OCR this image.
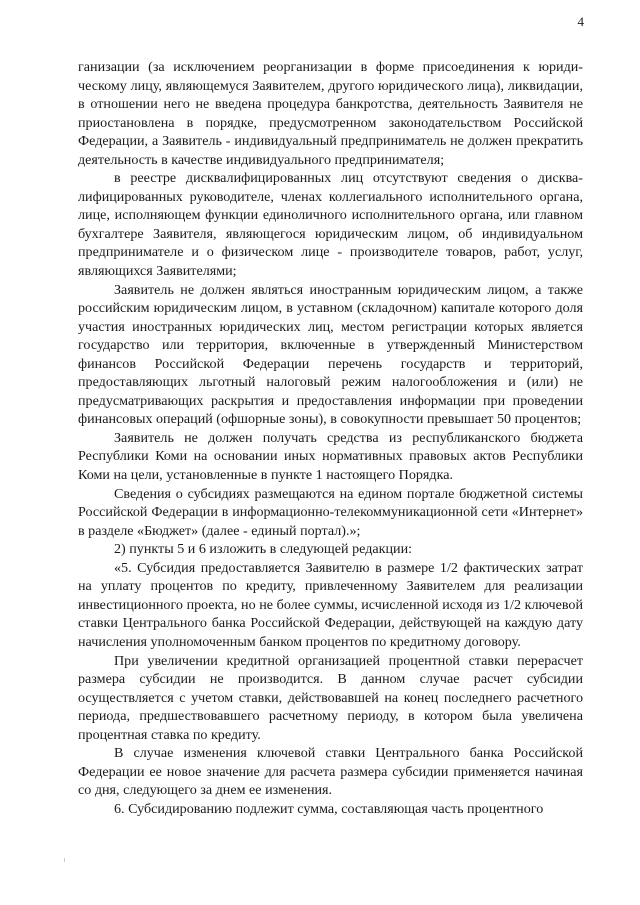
4

ганизации (за исключением реорганизации в форме присоединения к юридическому лицу, являющемуся Заявителем, другого юридического лица), ликвидации, в отношении него не введена процедура банкротства, деятельность Заявителя не приостановлена в порядке, предусмотренном законодательством Российской Федерации, а Заявитель - индивидуальный предприниматель не должен прекратить деятельность в качестве индивидуального предпринимателя;

в реестре дисквалифицированных лиц отсутствуют сведения о дисквалифицированных руководителе, членах коллегиального исполнительного органа, лице, исполняющем функции единоличного исполнительного органа, или главном бухгалтере Заявителя, являющегося юридическим лицом, об индивидуальном предпринимателе и о физическом лице - производителе товаров, работ, услуг, являющихся Заявителями;

Заявитель не должен являться иностранным юридическим лицом, а также российским юридическим лицом, в уставном (складочном) капитале которого доля участия иностранных юридических лиц, местом регистрации которых является государство или территория, включенные в утвержденный Министерством финансов Российской Федерации перечень государств и территорий, предоставляющих льготный налоговый режим налогообложения и (или) не предусматривающих раскрытия и предоставления информации при проведении финансовых операций (офшорные зоны), в совокупности превышает 50 процентов;

Заявитель не должен получать средства из республиканского бюджета Республики Коми на основании иных нормативных правовых актов Республики Коми на цели, установленные в пункте 1 настоящего Порядка.

Сведения о субсидиях размещаются на едином портале бюджетной системы Российской Федерации в информационно-телекоммуникационной сети «Интернет» в разделе «Бюджет» (далее - единый портал).»;

2) пункты 5 и 6 изложить в следующей редакции:

«5. Субсидия предоставляется Заявителю в размере 1/2 фактических затрат на уплату процентов по кредиту, привлеченному Заявителем для реализации инвестиционного проекта, но не более суммы, исчисленной исходя из 1/2 ключевой ставки Центрального банка Российской Федерации, действующей на каждую дату начисления уполномоченным банком процентов по кредитному договору.

При увеличении кредитной организацией процентной ставки перерасчет размера субсидии не производится. В данном случае расчет субсидии осуществляется с учетом ставки, действовавшей на конец последнего расчетного периода, предшествовавшего расчетному периоду, в котором была увеличена процентная ставка по кредиту.

В случае изменения ключевой ставки Центрального банка Российской Федерации ее новое значение для расчета размера субсидии применяется начиная со дня, следующего за днем ее изменения.

6. Субсидированию подлежит сумма, составляющая часть процентного
